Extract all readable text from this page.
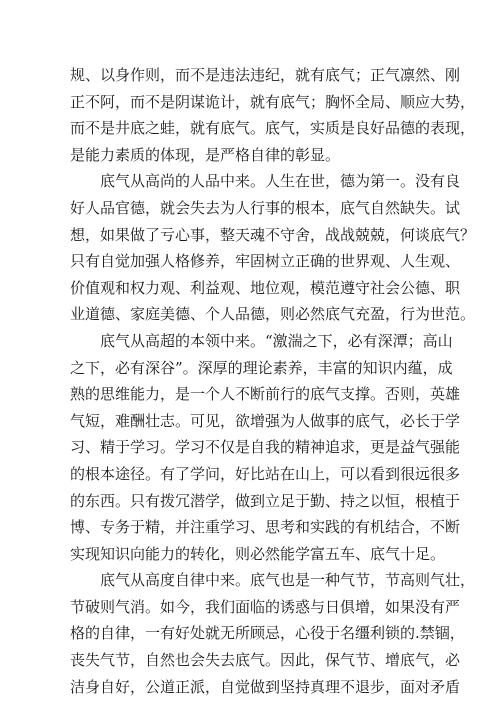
规、以身作则，而不是违法违纪，就有底气；正气凛然、刚
正不阿，而不是阴谋诡计，就有底气；胸怀全局、顺应大势，
而不是井底之蛙，就有底气。底气，实质是良好品德的表现，
是能力素质的体现，是严格自律的彰显。
底气从高尚的人品中来。人生在世，德为第一。没有良
好人品官德，就会失去为人行事的根本，底气自然缺失。试
想，如果做了亏心事，整天魂不守舍，战战兢兢，何谈底气？
只有自觉加强人格修养，牢固树立正确的世界观、人生观、
价值观和权力观、利益观、地位观，模范遵守社会公德、职
业道德、家庭美德、个人品德，则必然底气充盈，行为世范。
底气从高超的本领中来。“激湍之下，必有深潭；高山
之下，必有深谷”。深厚的理论素养，丰富的知识内蕴，成
熟的思维能力，是一个人不断前行的底气支撑。否则，英雄
气短，难酬壮志。可见，欲增强为人做事的底气，必长于学
习、精于学习。学习不仅是自我的精神追求，更是益气强能
的根本途径。有了学问，好比站在山上，可以看到很远很多
的东西。只有拨冗潜学，做到立足于勤、持之以恒，根植于
博、专务于精，并注重学习、思考和实践的有机结合，不断
实现知识向能力的转化，则必然能学富五车、底气十足。
底气从高度自律中来。底气也是一种气节，节高则气壮，
节破则气消。如今，我们面临的诱惑与日俱增，如果没有严
格的自律，一有好处就无所顾忌，心役于名缰利锁的.禁锢，
丧失气节，自然也会失去底气。因此，保气节、增底气，必
洁身自好，公道正派，自觉做到坚持真理不退步，面对矛盾
